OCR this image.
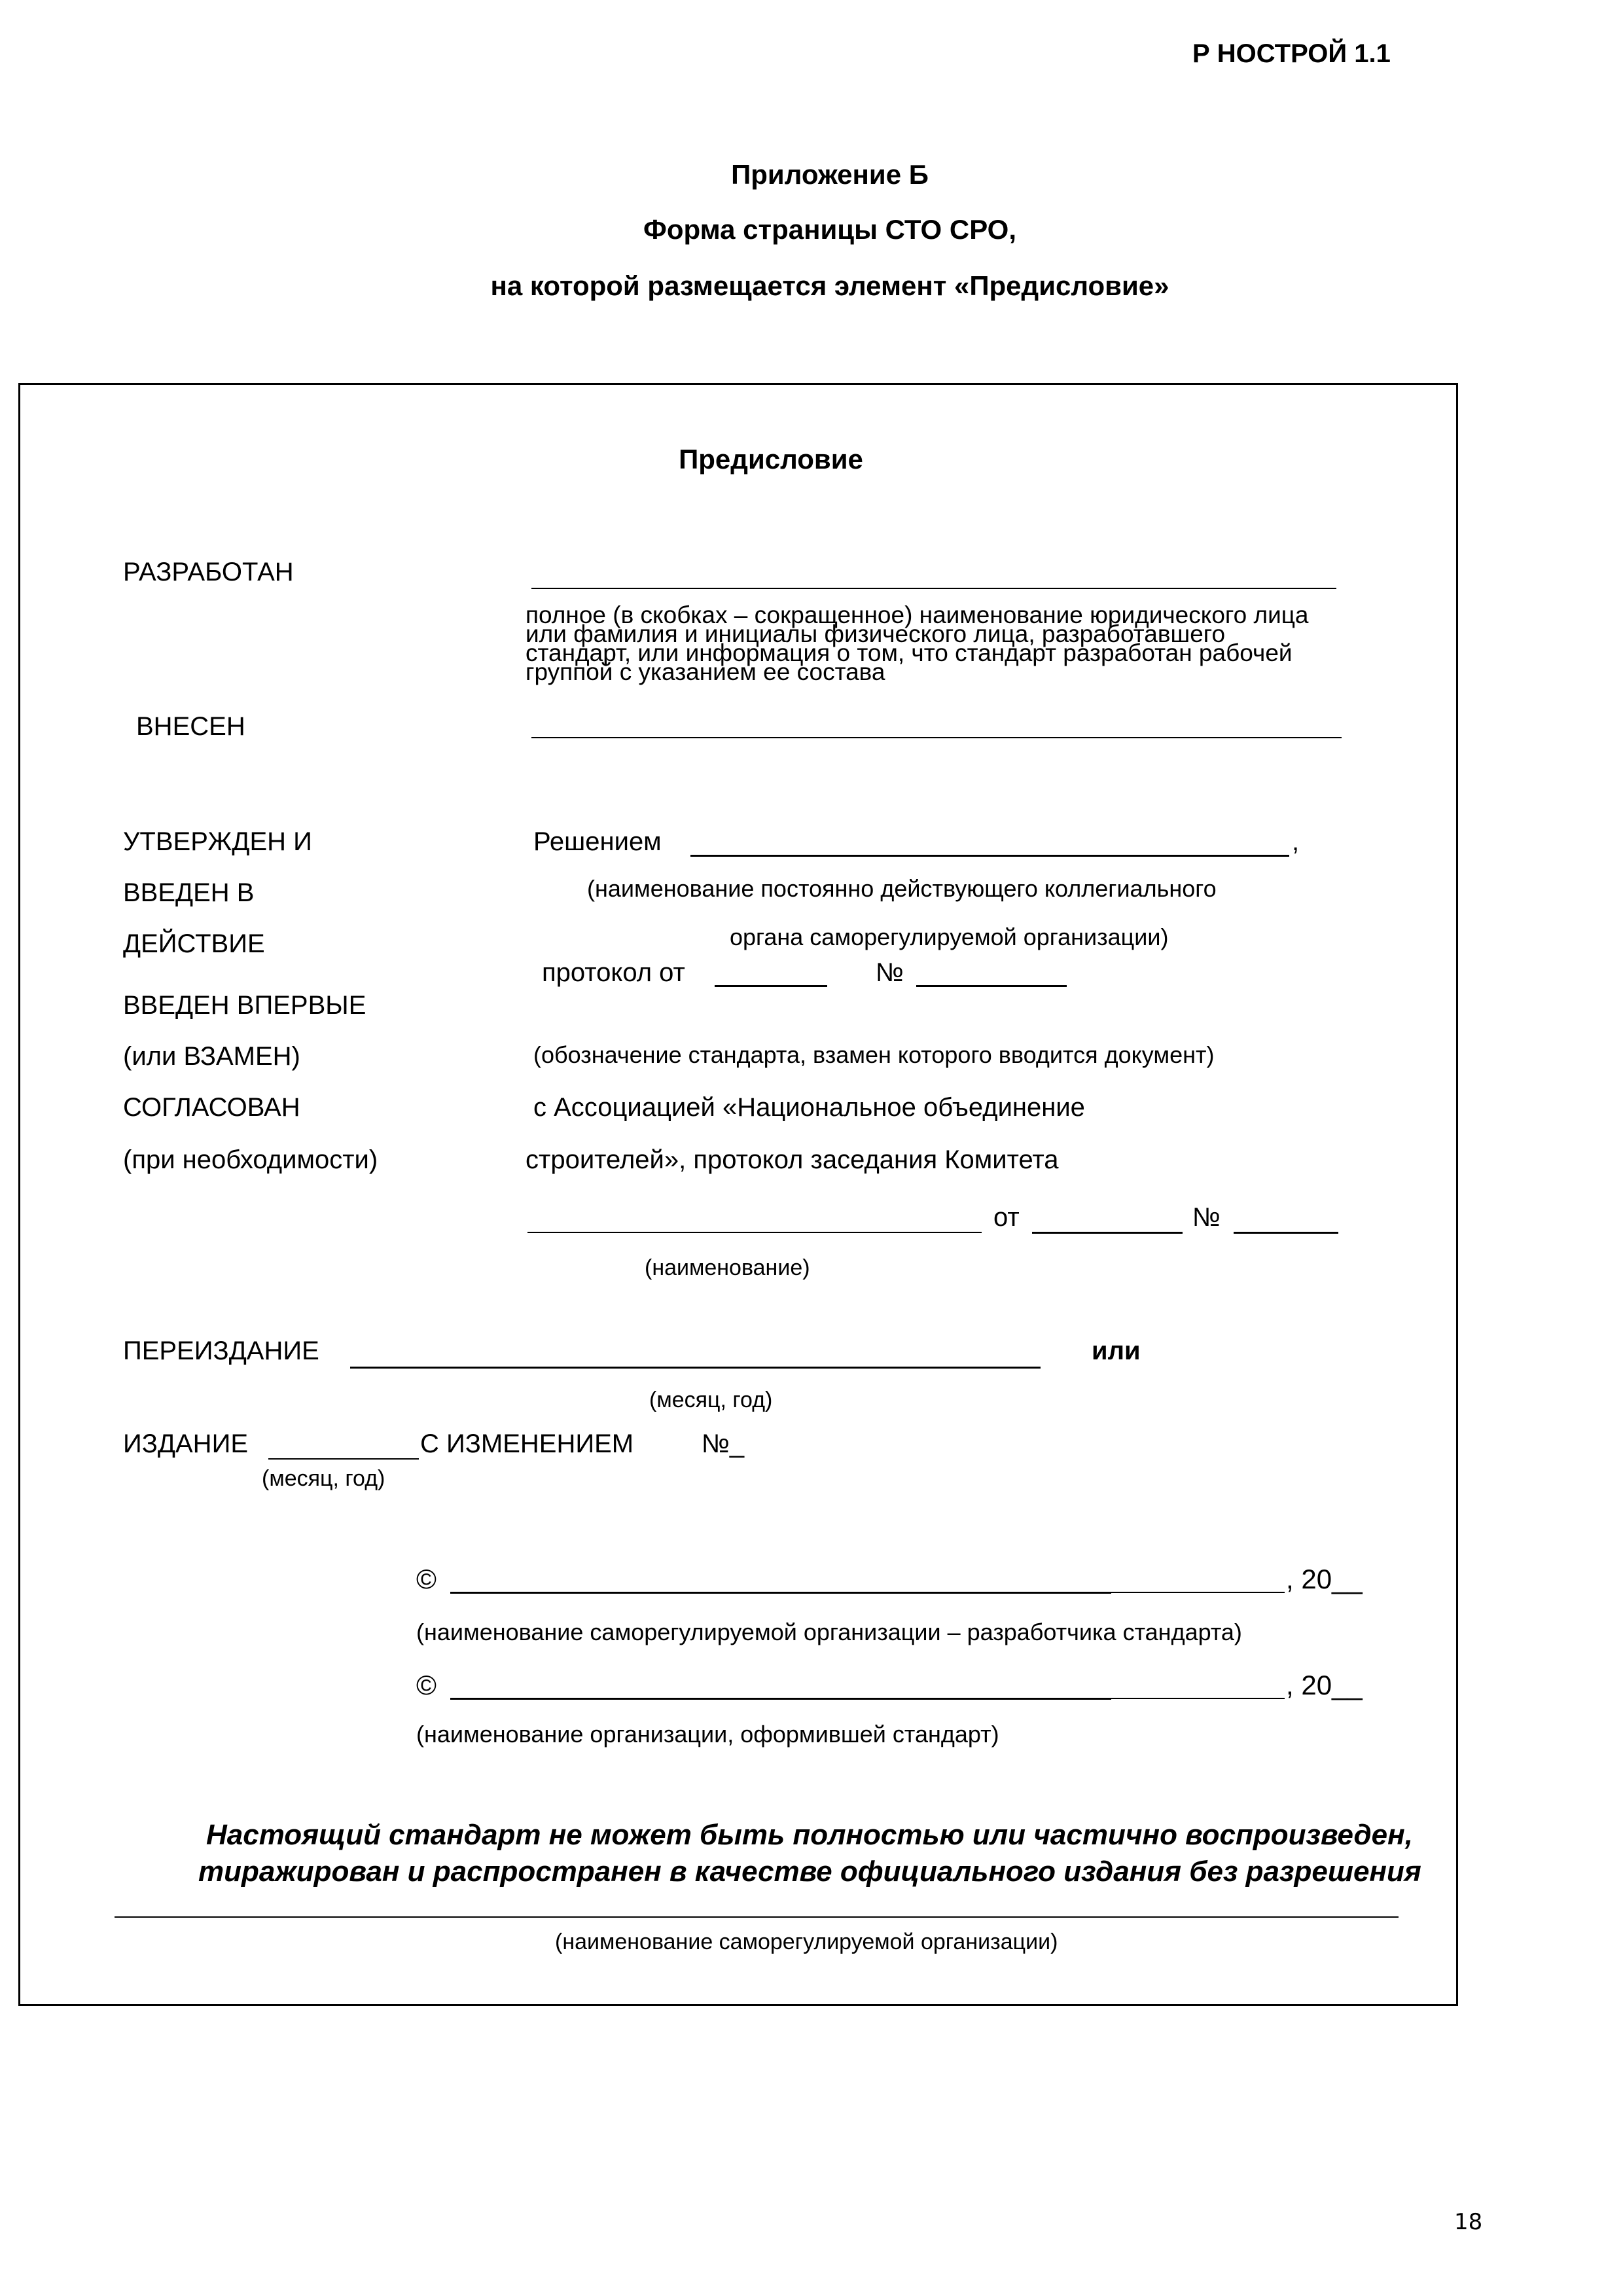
Р НОСТРОЙ 1.1
Приложение Б
Форма страницы СТО СРО,
на которой размещается элемент «Предисловие»
Предисловие
РАЗРАБОТАН
полное (в скобках – сокращенное) наименование юридического лица или фамилия и инициалы физического лица, разработавшего стандарт, или информация о том, что стандарт разработан рабочей группой с указанием ее состава
ВНЕСЕН
УТВЕРЖДЕН И
ВВЕДЕН В
ДЕЙСТВИЕ
Решением	,
(наименование постоянно действующего коллегиального
органа саморегулируемой организации)
протокол от	№
ВВЕДЕН ВПЕРВЫЕ
(или ВЗАМЕН)	(обозначение стандарта, взамен которого вводится документ)
СОГЛАСОВАН
(при необходимости)
с Ассоциацией «Национальное объединение
строителей», протокол заседания Комитета
от	№
(наименование)
ПЕРЕИЗДАНИЕ	или
(месяц, год)
ИЗДАНИЕ	С ИЗМЕНЕНИЕМ	№_
(месяц, год)
©	, 20__
(наименование саморегулируемой организации – разработчика стандарта)
©	, 20__
(наименование организации, оформившей стандарт)
Настоящий стандарт не может быть полностью или частично воспроизведен,
тиражирован и распространен в качестве официального издания без разрешения
(наименование саморегулируемой организации)
18
